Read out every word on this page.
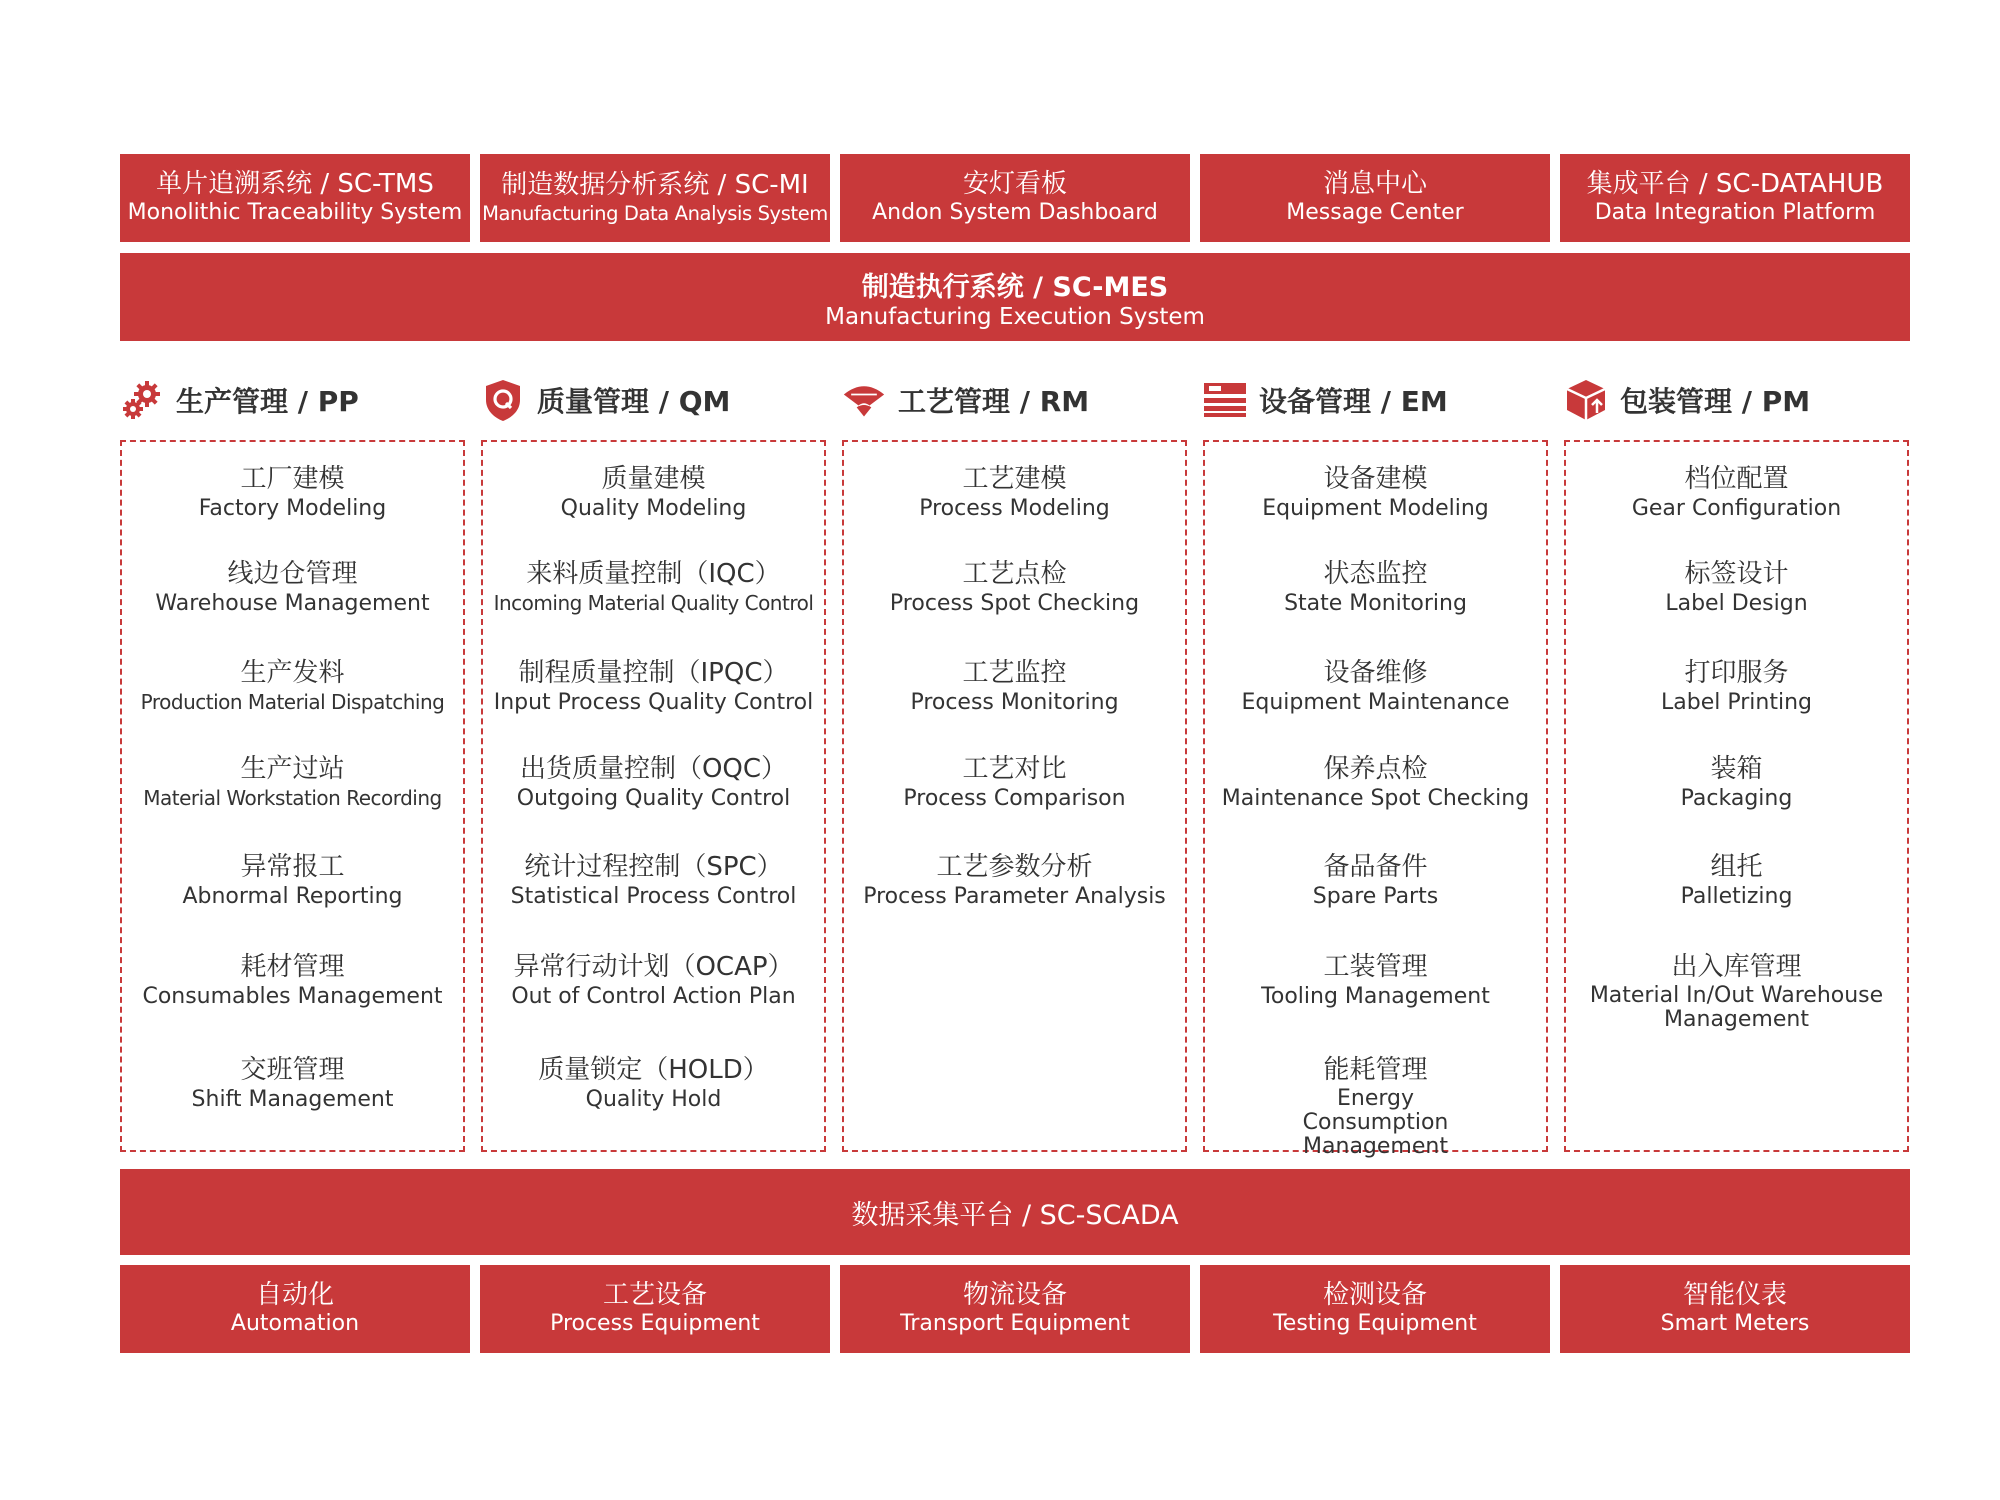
单片追溯系统 / SC-TMS
Monolithic Traceability System
制造数据分析系统 / SC-MI
Manufacturing Data Analysis System
安灯看板
Andon System Dashboard
消息中心
Message Center
集成平台 / SC-DATAHUB
Data Integration Platform
制造执行系统 / SC-MES
Manufacturing Execution System
生产管理 / PP	质量管理 / QM	工艺管理 / RM	设备管理 / EM	包装管理 / PM
工厂建模
Factory Modeling
线边仓管理
Warehouse Management
生产发料
Production Material Dispatching
生产过站
Material Workstation Recording
异常报工
Abnormal Reporting
耗材管理
Consumables Management
交班管理
Shift Management
质量建模
Quality Modeling
来料质量控制（IQC）
Incoming Material Quality Control
制程质量控制（IPQC）
Input Process Quality Control
出货质量控制（OQC）
Outgoing Quality Control
统计过程控制（SPC）
Statistical Process Control
异常行动计划（OCAP）
Out of Control Action Plan
质量锁定（HOLD）
Quality Hold
工艺建模
Process Modeling
工艺点检
Process Spot Checking
工艺监控
Process Monitoring
工艺对比
Process Comparison
工艺参数分析
Process Parameter Analysis
设备建模
Equipment Modeling
状态监控
State Monitoring
设备维修
Equipment Maintenance
保养点检
Maintenance Spot Checking
备品备件
Spare Parts
工装管理
Tooling Management
能耗管理
Energy Consumption Management
档位配置
Gear Configuration
标签设计
Label Design
打印服务
Label Printing
装箱
Packaging
组托
Palletizing
出入库管理
Material In/Out Warehouse Management
数据采集平台 / SC-SCADA
自动化
Automation
工艺设备
Process Equipment
物流设备
Transport Equipment
检测设备
Testing Equipment
智能仪表
Smart Meters
